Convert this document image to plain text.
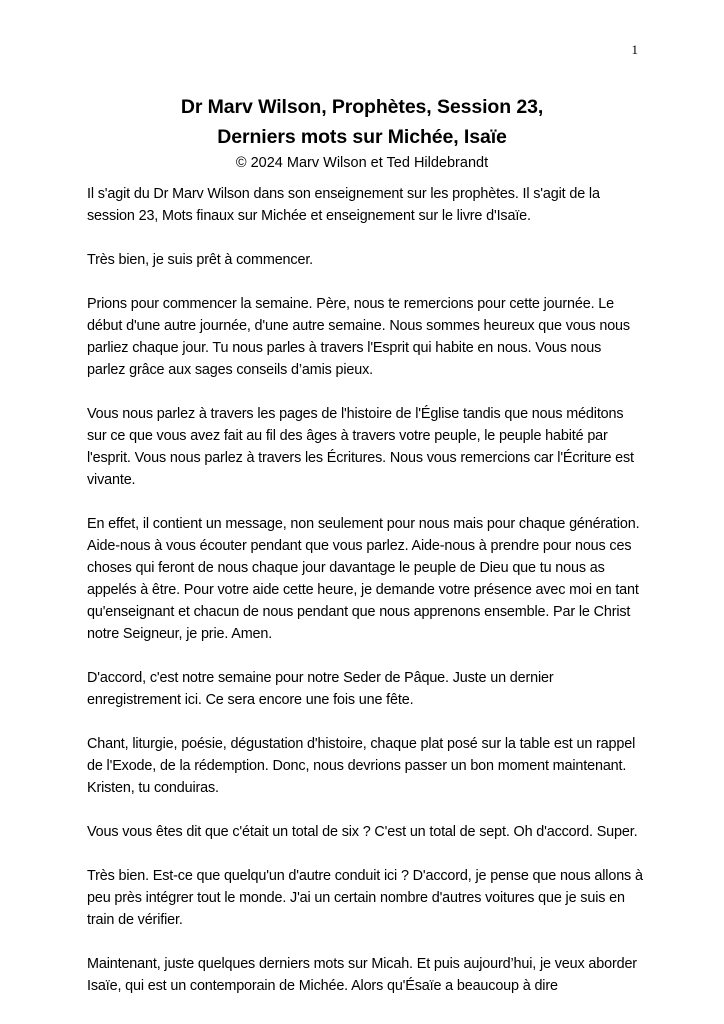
1
Dr Marv Wilson, Prophètes, Session 23,
Derniers mots sur Michée, Isaïe
© 2024 Marv Wilson et Ted Hildebrandt

Il s'agit du Dr Marv Wilson dans son enseignement sur les prophètes. Il s'agit de la session 23, Mots finaux sur Michée et enseignement sur le livre d'Isaïe.

Très bien, je suis prêt à commencer.

Prions pour commencer la semaine. Père, nous te remercions pour cette journée. Le début d'une autre journée, d'une autre semaine. Nous sommes heureux que vous nous parliez chaque jour. Tu nous parles à travers l'Esprit qui habite en nous. Vous nous parlez grâce aux sages conseils d’amis pieux.

Vous nous parlez à travers les pages de l'histoire de l'Église tandis que nous méditons sur ce que vous avez fait au fil des âges à travers votre peuple, le peuple habité par l'esprit. Vous nous parlez à travers les Écritures. Nous vous remercions car l'Écriture est vivante.

En effet, il contient un message, non seulement pour nous mais pour chaque génération. Aide-nous à vous écouter pendant que vous parlez. Aide-nous à prendre pour nous ces choses qui feront de nous chaque jour davantage le peuple de Dieu que tu nous as appelés à être. Pour votre aide cette heure, je demande votre présence avec moi en tant qu'enseignant et chacun de nous pendant que nous apprenons ensemble. Par le Christ notre Seigneur, je prie. Amen.

D'accord, c'est notre semaine pour notre Seder de Pâque. Juste un dernier enregistrement ici. Ce sera encore une fois une fête.

Chant, liturgie, poésie, dégustation d'histoire, chaque plat posé sur la table est un rappel de l'Exode, de la rédemption. Donc, nous devrions passer un bon moment maintenant. Kristen, tu conduiras.

Vous vous êtes dit que c'était un total de six ? C'est un total de sept. Oh d'accord. Super.

Très bien. Est-ce que quelqu'un d'autre conduit ici ? D'accord, je pense que nous allons à peu près intégrer tout le monde. J'ai un certain nombre d'autres voitures que je suis en train de vérifier.

Maintenant, juste quelques derniers mots sur Micah. Et puis aujourd’hui, je veux aborder Isaïe, qui est un contemporain de Michée. Alors qu'Ésaïe a beaucoup à dire
